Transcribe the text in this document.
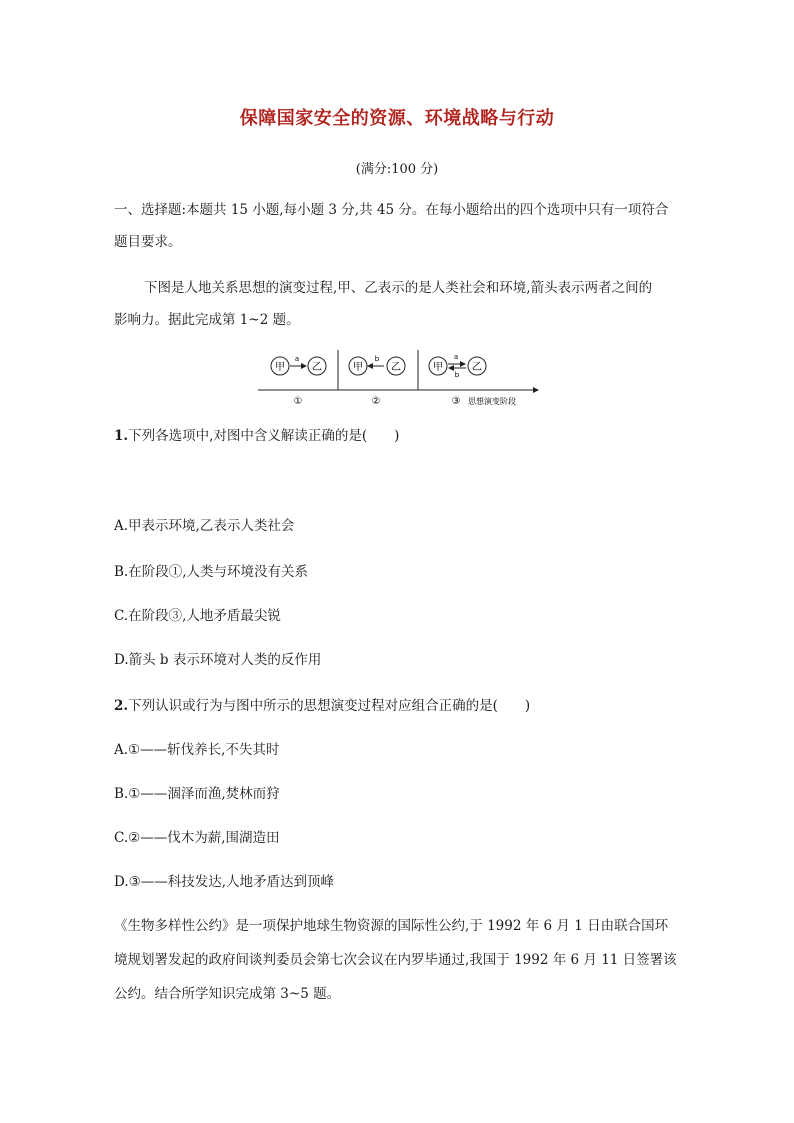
保障国家安全的资源、环境战略与行动
(满分:100 分)
一、选择题:本题共 15 小题,每小题 3 分,共 45 分。在每小题给出的四个选项中只有一项符合
题目要求。
下图是人地关系思想的演变过程,甲、乙表示的是人类社会和环境,箭头表示两者之间的
影响力。据此完成第 1~2 题。
甲
a
乙	甲
b
乙	甲
a
b
乙
①	②	③ 思想演变阶段
1.下列各选项中,对图中含义解读正确的是(　　)
A.甲表示环境,乙表示人类社会
B.在阶段①,人类与环境没有关系
C.在阶段③,人地矛盾最尖锐
D.箭头 b 表示环境对人类的反作用
2.下列认识或行为与图中所示的思想演变过程对应组合正确的是(　　)
A.①——斩伐养长,不失其时
B.①——涸泽而渔,焚林而狩
C.②——伐木为薪,围湖造田
D.③——科技发达,人地矛盾达到顶峰
《生物多样性公约》是一项保护地球生物资源的国际性公约,于 1992 年 6 月 1 日由联合国环
境规划署发起的政府间谈判委员会第七次会议在内罗毕通过,我国于 1992 年 6 月 11 日签署该
公约。结合所学知识完成第 3~5 题。
